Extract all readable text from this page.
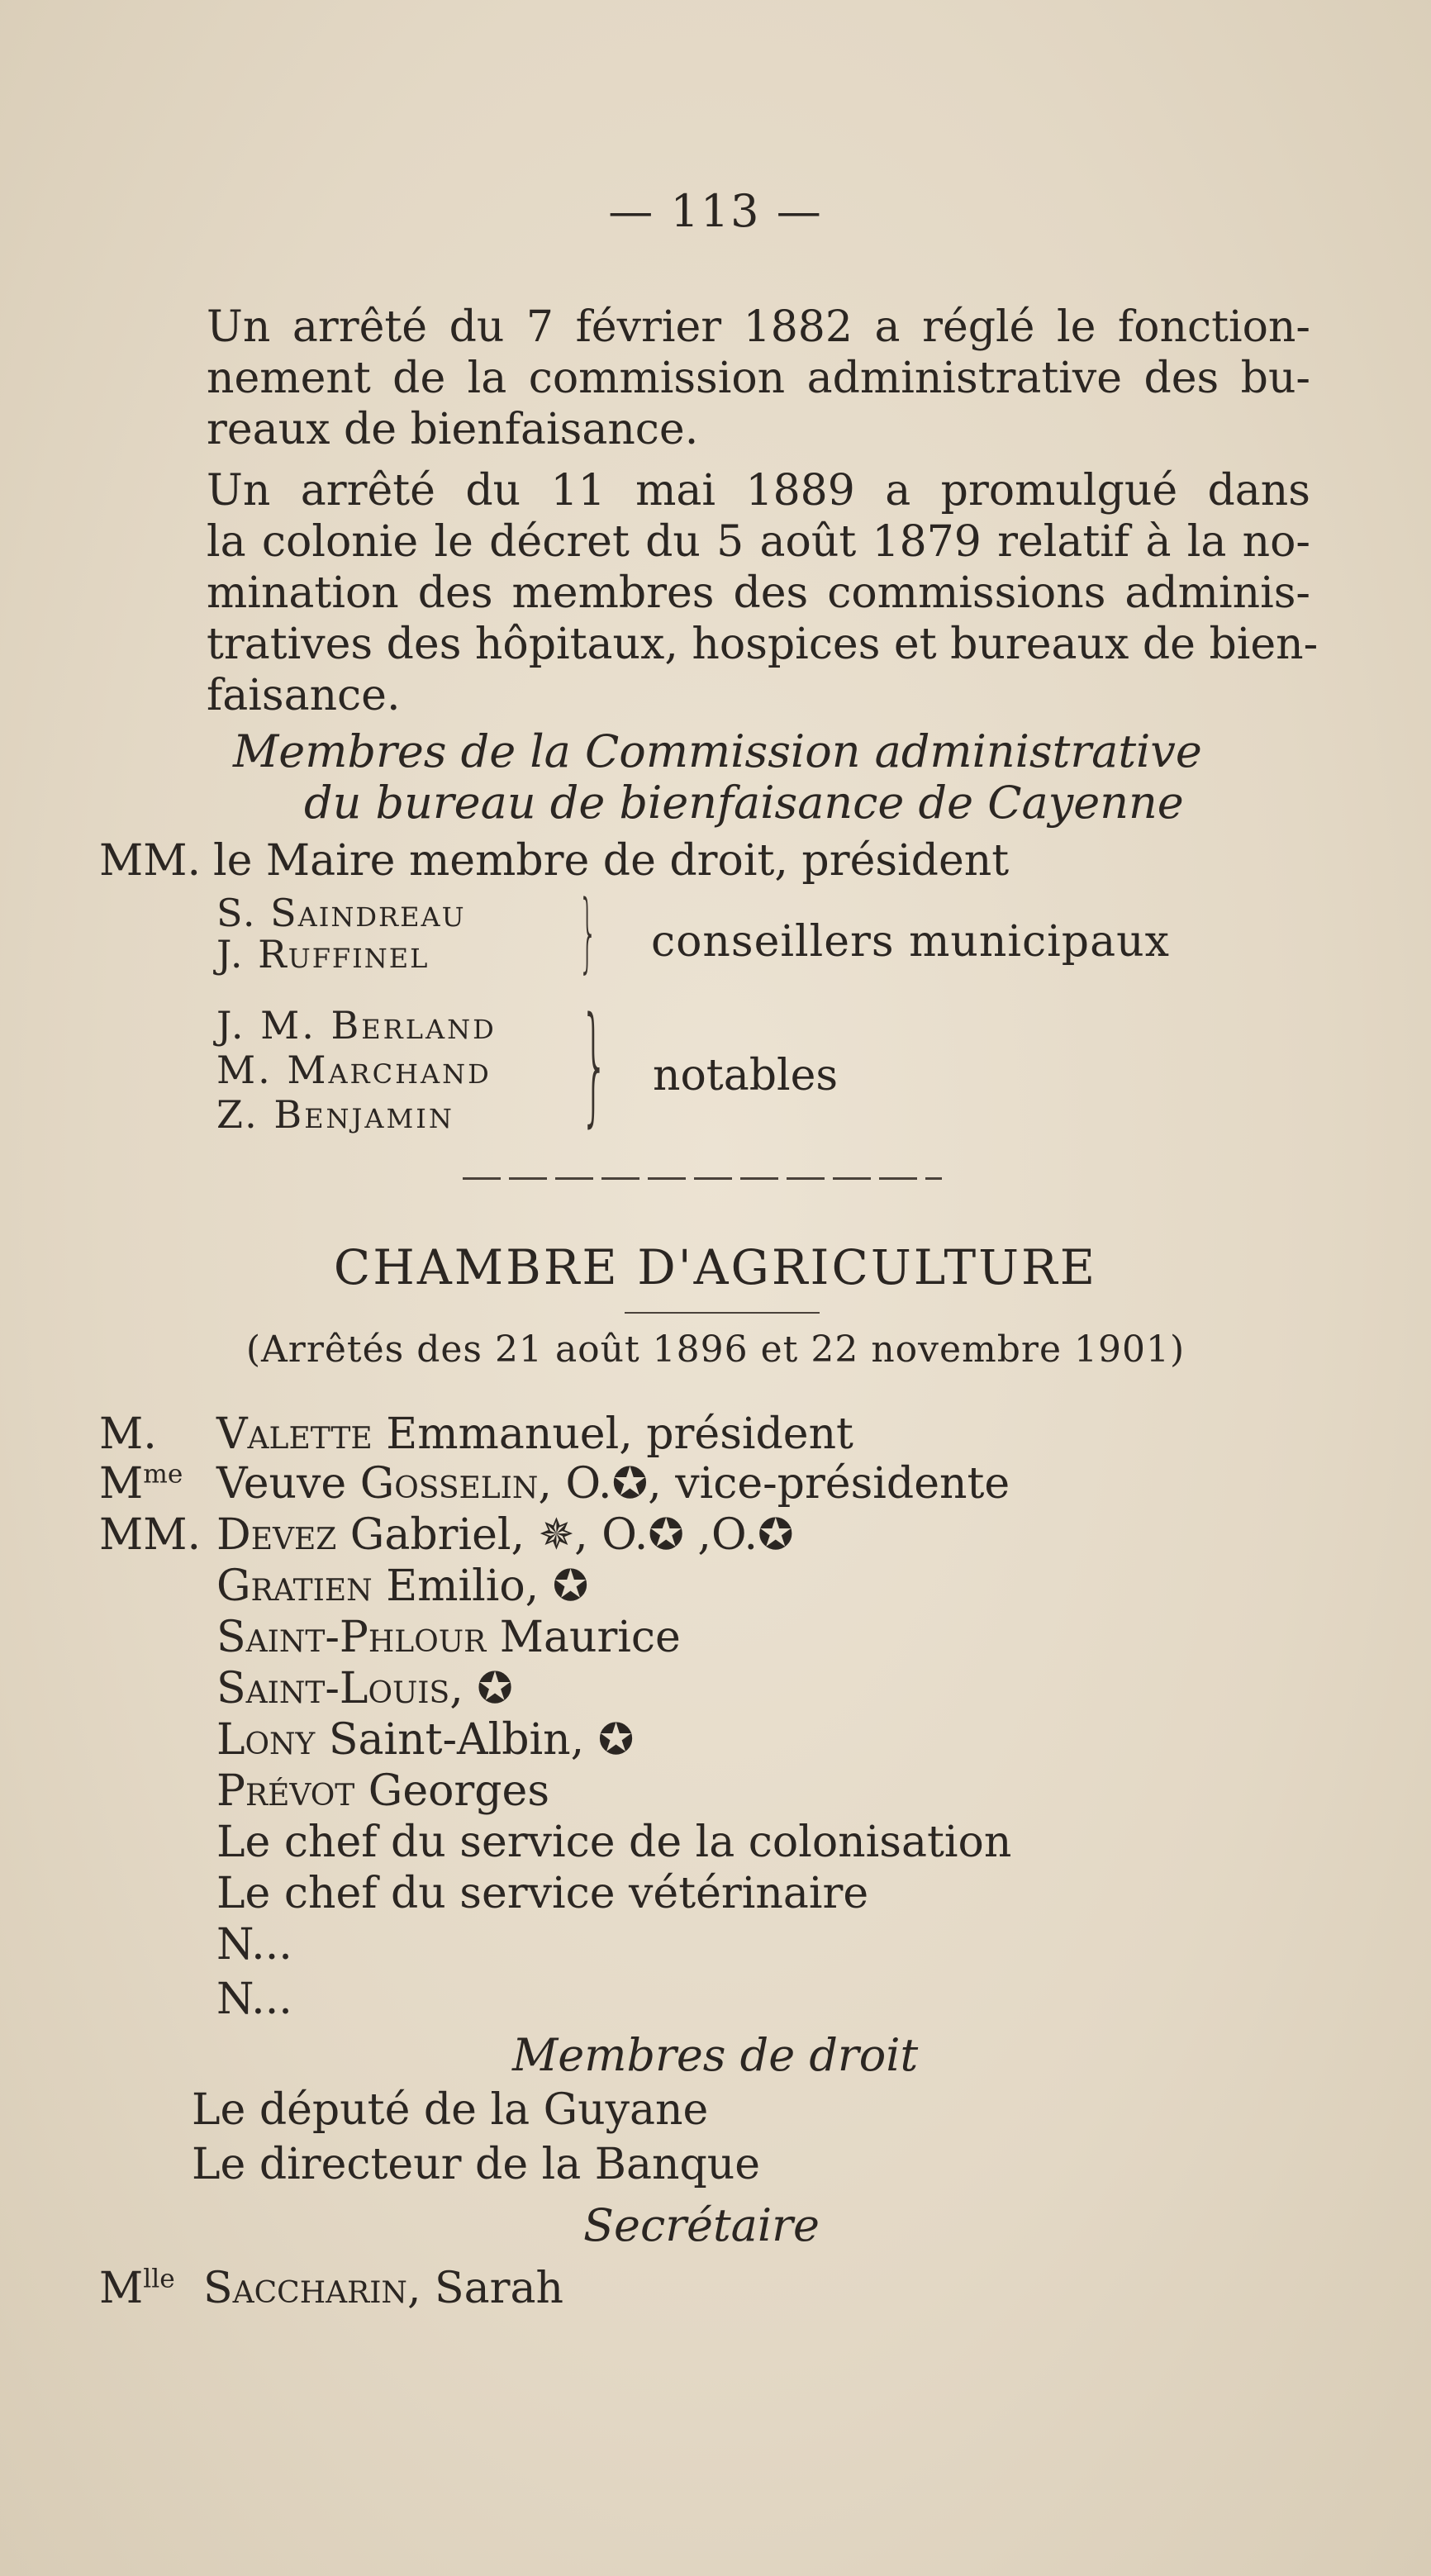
— 113 —
Un arrêté du 7 février 1882 a réglé le fonction-
nement de la commission administrative des bu-
reaux de bienfaisance.
Un arrêté du 11 mai 1889 a promulgué dans
la colonie le décret du 5 août 1879 relatif à la no-
mination des membres des commissions adminis-
tratives des hôpitaux, hospices et bureaux de bien-
faisance.
Membres de la Commission administrative
du bureau de bienfaisance de Cayenne
MM. le Maire membre de droit, président
S. Saindreau
J. Ruffinel }	conseillers municipaux
J. M. Berland
M. Marchand
Z. Benjamin }	notables
CHAMBRE D'AGRICULTURE
(Arrêtés des 21 août 1896 et 22 novembre 1901)
M. Valette Emmanuel, président
$M^{me}$ Veuve Gosselin, O.✪, vice-présidente
MM. Devez Gabriel, ✵, O.✪ ,O.✪
Gratien Emilio, ✪
Saint-Phlour Maurice
Saint-Louis, ✪
Lony Saint-Albin, ✪
Prévot Georges
Le chef du service de la colonisation
Le chef du service vétérinaire
N...
N...
Membres de droit
Le député de la Guyane
Le directeur de la Banque
Secrétaire
$M^{lle}$ Saccharin, Sarah
